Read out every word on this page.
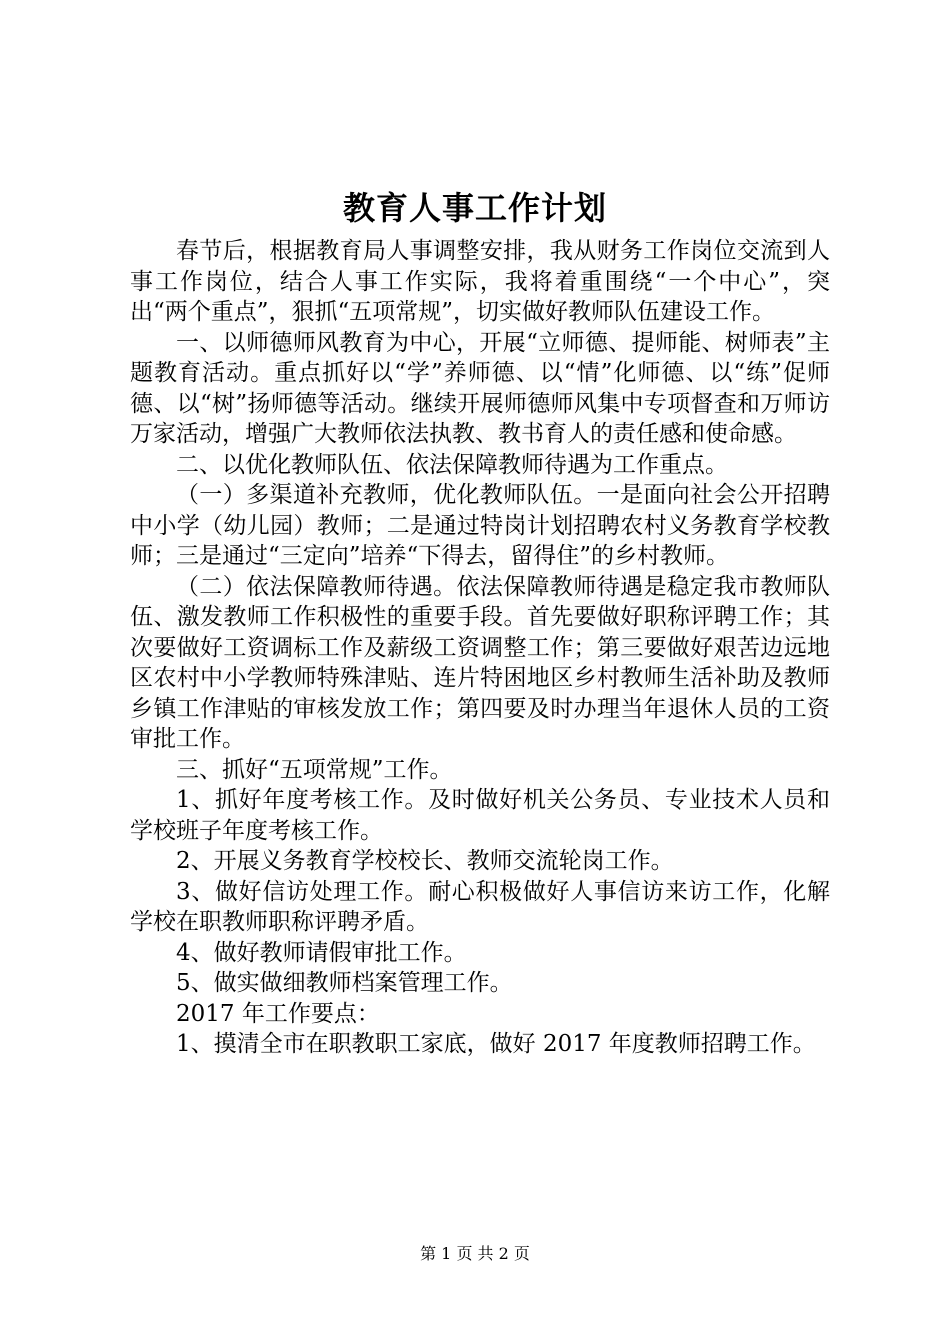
教育人事工作计划

春节后，根据教育局人事调整安排，我从财务工作岗位交流到人事工作岗位，结合人事工作实际，我将着重围绕“一个中心”，突出“两个重点”，狠抓“五项常规”，切实做好教师队伍建设工作。

一、以师德师风教育为中心，开展“立师德、提师能、树师表”主题教育活动。重点抓好以“学”养师德、以“情”化师德、以“练”促师德、以“树”扬师德等活动。继续开展师德师风集中专项督查和万师访万家活动，增强广大教师依法执教、教书育人的责任感和使命感。

二、以优化教师队伍、依法保障教师待遇为工作重点。

（一）多渠道补充教师，优化教师队伍。一是面向社会公开招聘中小学（幼儿园）教师；二是通过特岗计划招聘农村义务教育学校教师；三是通过“三定向”培养“下得去，留得住”的乡村教师。

（二）依法保障教师待遇。依法保障教师待遇是稳定我市教师队伍、激发教师工作积极性的重要手段。首先要做好职称评聘工作；其次要做好工资调标工作及薪级工资调整工作；第三要做好艰苦边远地区农村中小学教师特殊津贴、连片特困地区乡村教师生活补助及教师乡镇工作津贴的审核发放工作；第四要及时办理当年退休人员的工资审批工作。

三、抓好“五项常规”工作。

1、抓好年度考核工作。及时做好机关公务员、专业技术人员和学校班子年度考核工作。

2、开展义务教育学校校长、教师交流轮岗工作。

3、做好信访处理工作。耐心积极做好人事信访来访工作，化解学校在职教师职称评聘矛盾。

4、做好教师请假审批工作。

5、做实做细教师档案管理工作。

2017 年工作要点：

1、摸清全市在职教职工家底，做好 2017 年度教师招聘工作。

第 1 页 共 2 页
